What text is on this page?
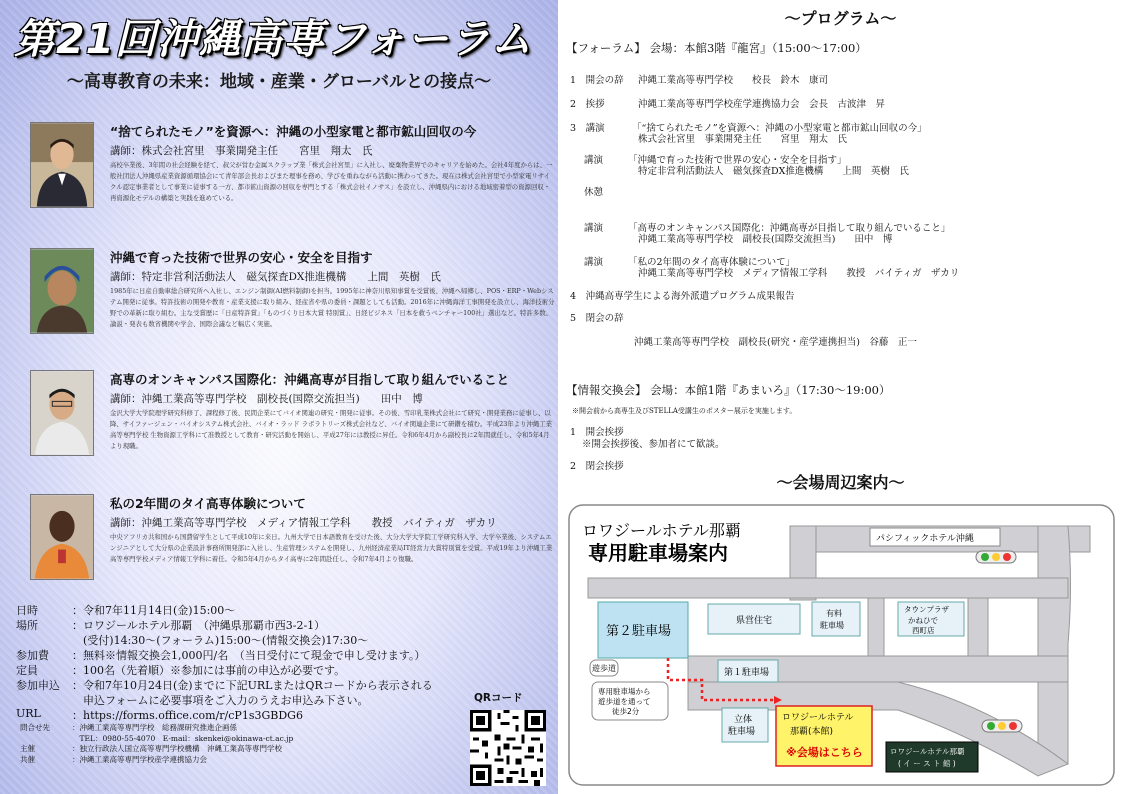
第21回沖縄高専フォーラム
～高専教育の未来：地域・産業・グローバルとの接点～
“捨てられたモノ”を資源へ：沖縄の小型家電と都市鉱山回収の今
講師：株式会社宮里　事業開発主任　　宮里　翔太　氏
高校卒業後、3年間の社会経験を経て、叔父が営む金属スクラップ業「株式会社宮里」に入社し、廃棄物業界でのキャリアを始めた。会社4年度からは、一般社団法人沖縄県産業資源循環協会にて青年部会長およびまた理事を務め、学びを重ねながら活動に携わってきた。現在は株式会社宮里で小型家電リサイクル認定事業者として事業に従事する一方、都市鉱山資源の回収を専門とする「株式会社イノサス」を設立し、沖縄県内における地域密着型の資源回収・再資源化モデルの構築と実践を進めている。
沖縄で育った技術で世界の安心・安全を目指す
講師：特定非営利活動法人　磁気探査DX推進機構　　上間　英樹　氏
1985年に日産自動車総合研究所へ入社し、エンジン制御(AI燃料制御)を担当。1995年に神奈川県知事賞を受賞後、沖縄へ帰郷し、POS・ERP・Webシステム開発に従事。特許技術の開発や教育・産業支援に取り組み、経産省や県の委員・課題としても活動。2016年に沖縄海洋工事開発を設立し、海洋技術分野での革新に取り組む。主な受賞歴に「日産特許賞」「ものづくり日本大賞 特別賞」、日経ビジネス「日本を救うベンチャー100社」選出など。特許多数、論説・発表も数省機関や学会、国際会議など幅広く実施。
高専のオンキャンパス国際化：沖縄高専が目指して取り組んでいること
講師：沖縄工業高等専門学校　副校長(国際交流担当)　　田中　博
金沢大学大学院理学研究科修了、課程修了後、民間企業にてバイオ関連の研究・開発に従事。その後、雪印乳業株式会社にて研究・開発業務に従事し、以降、サイファージェン・バイオシステム株式会社、バイオ・ラッド ラボラトリーズ株式会社など、バイオ関連企業にて研鑽を積む。平成23年より沖縄工業高等専門学校 生物資源工学科にて准教授として教育・研究活動を開始し、平成27年には教授に昇任。令和6年4月から副校長に2年間就任し、令和5年4月より現職。
私の2年間のタイ高専体験について
講師：沖縄工業高等専門学校　メディア情報工学科　　教授　バイティガ　ザカリ
中央アフリカ共和国から国費留学生として平成10年に来日。九州大学で日本語教育を受けた後、大分大学大学院工学研究科入学、大学卒業後、システムエンジニアとして大分県の企業設計事務所開発部に入社し、生産管理システムを開発し、九州経済産業局IT経営力大賞特別賞を受賞。平成19年より沖縄工業高等専門学校メディア情報工学科に着任。令和5年4月からタイ高専に2年間赴任し、令和7年4月より復職。
日時	：令和7年11月14日(金)15:00～
場所	：ロワジールホテル那覇　（沖縄県那覇市西3-2-1）
　(受付)14:30～(フォーラム)15:00～(情報交換会)17:30～
参加費 ：無料※情報交換会1,000円/名　（当日受付にて現金で申し受けます。）
定員	：100名（先着順）※参加には事前の申込が必要です。
参加申込 ：令和7年10月24日(金)までに下記URLまたはQRコードから表示される
　申込フォームに必要事項をご入力のうえお申込み下さい。
URL	：https://forms.office.com/r/cP1s3GBDG6
問合せ先	：沖縄工業高等専門学校　総務課研究推進企画係
　TEL：0980-55-4070　E-mail：skenkei@okinawa-ct.ac.jp
主催	：独立行政法人国立高等専門学校機構　沖縄工業高等専門学校
共催	：沖縄工業高等専門学校産学連携協力会
QRコード
～プログラム～
【フォーラム】 会場：本館3階『龍宮』（15:00～17:00）
1　 開会の辞 沖縄工業高等専門学校　　校長　鈴木　康司
2　 挨拶	沖縄工業高等専門学校産学連携協力会　会長　古波津　昇
3　 講演	「“捨てられたモノ”を資源へ：沖縄の小型家電と都市鉱山回収の今」
株式会社宮里　事業開発主任　　宮里　翔太　氏
講演	「沖縄で育った技術で世界の安心・安全を目指す」
特定非営利活動法人　磁気探査DX推進機構　　上間　英樹　氏
休憩
講演	「高専のオンキャンパス国際化：沖縄高専が目指して取り組んでいること」
沖縄工業高等専門学校　副校長(国際交流担当)　　田中　博
講演	「私の2年間のタイ高専体験について」
沖縄工業高等専門学校　メディア情報工学科　　教授　バイティガ　ザカリ
4　 沖縄高専学生による海外派遣プログラム成果報告
5　 閉会の辞
沖縄工業高等専門学校　副校長(研究・産学連携担当)　谷藤　正一
【情報交換会】 会場：本館1階『あまいろ』（17:30～19:00）
※開会前から高専生及びSTELLA受講生のポスター展示を実施します。
1　 開会挨拶
※開会挨拶後、参加者にて歓談。
2　 閉会挨拶
～会場周辺案内～
ロワジールホテル那覇
専用駐車場案内
パシフィックホテル沖縄
県営住宅
有料
駐車場
タウンプラザ
かねひで
西町店
第２駐車場
第１駐車場
遊歩道
専用駐車場から
遊歩道を通って
徒歩2分
立体
駐車場
ロワジールホテル
那覇(本館)
※会場はこちら	ロワジールホテル那覇
( イ ー ス ト 館 )
